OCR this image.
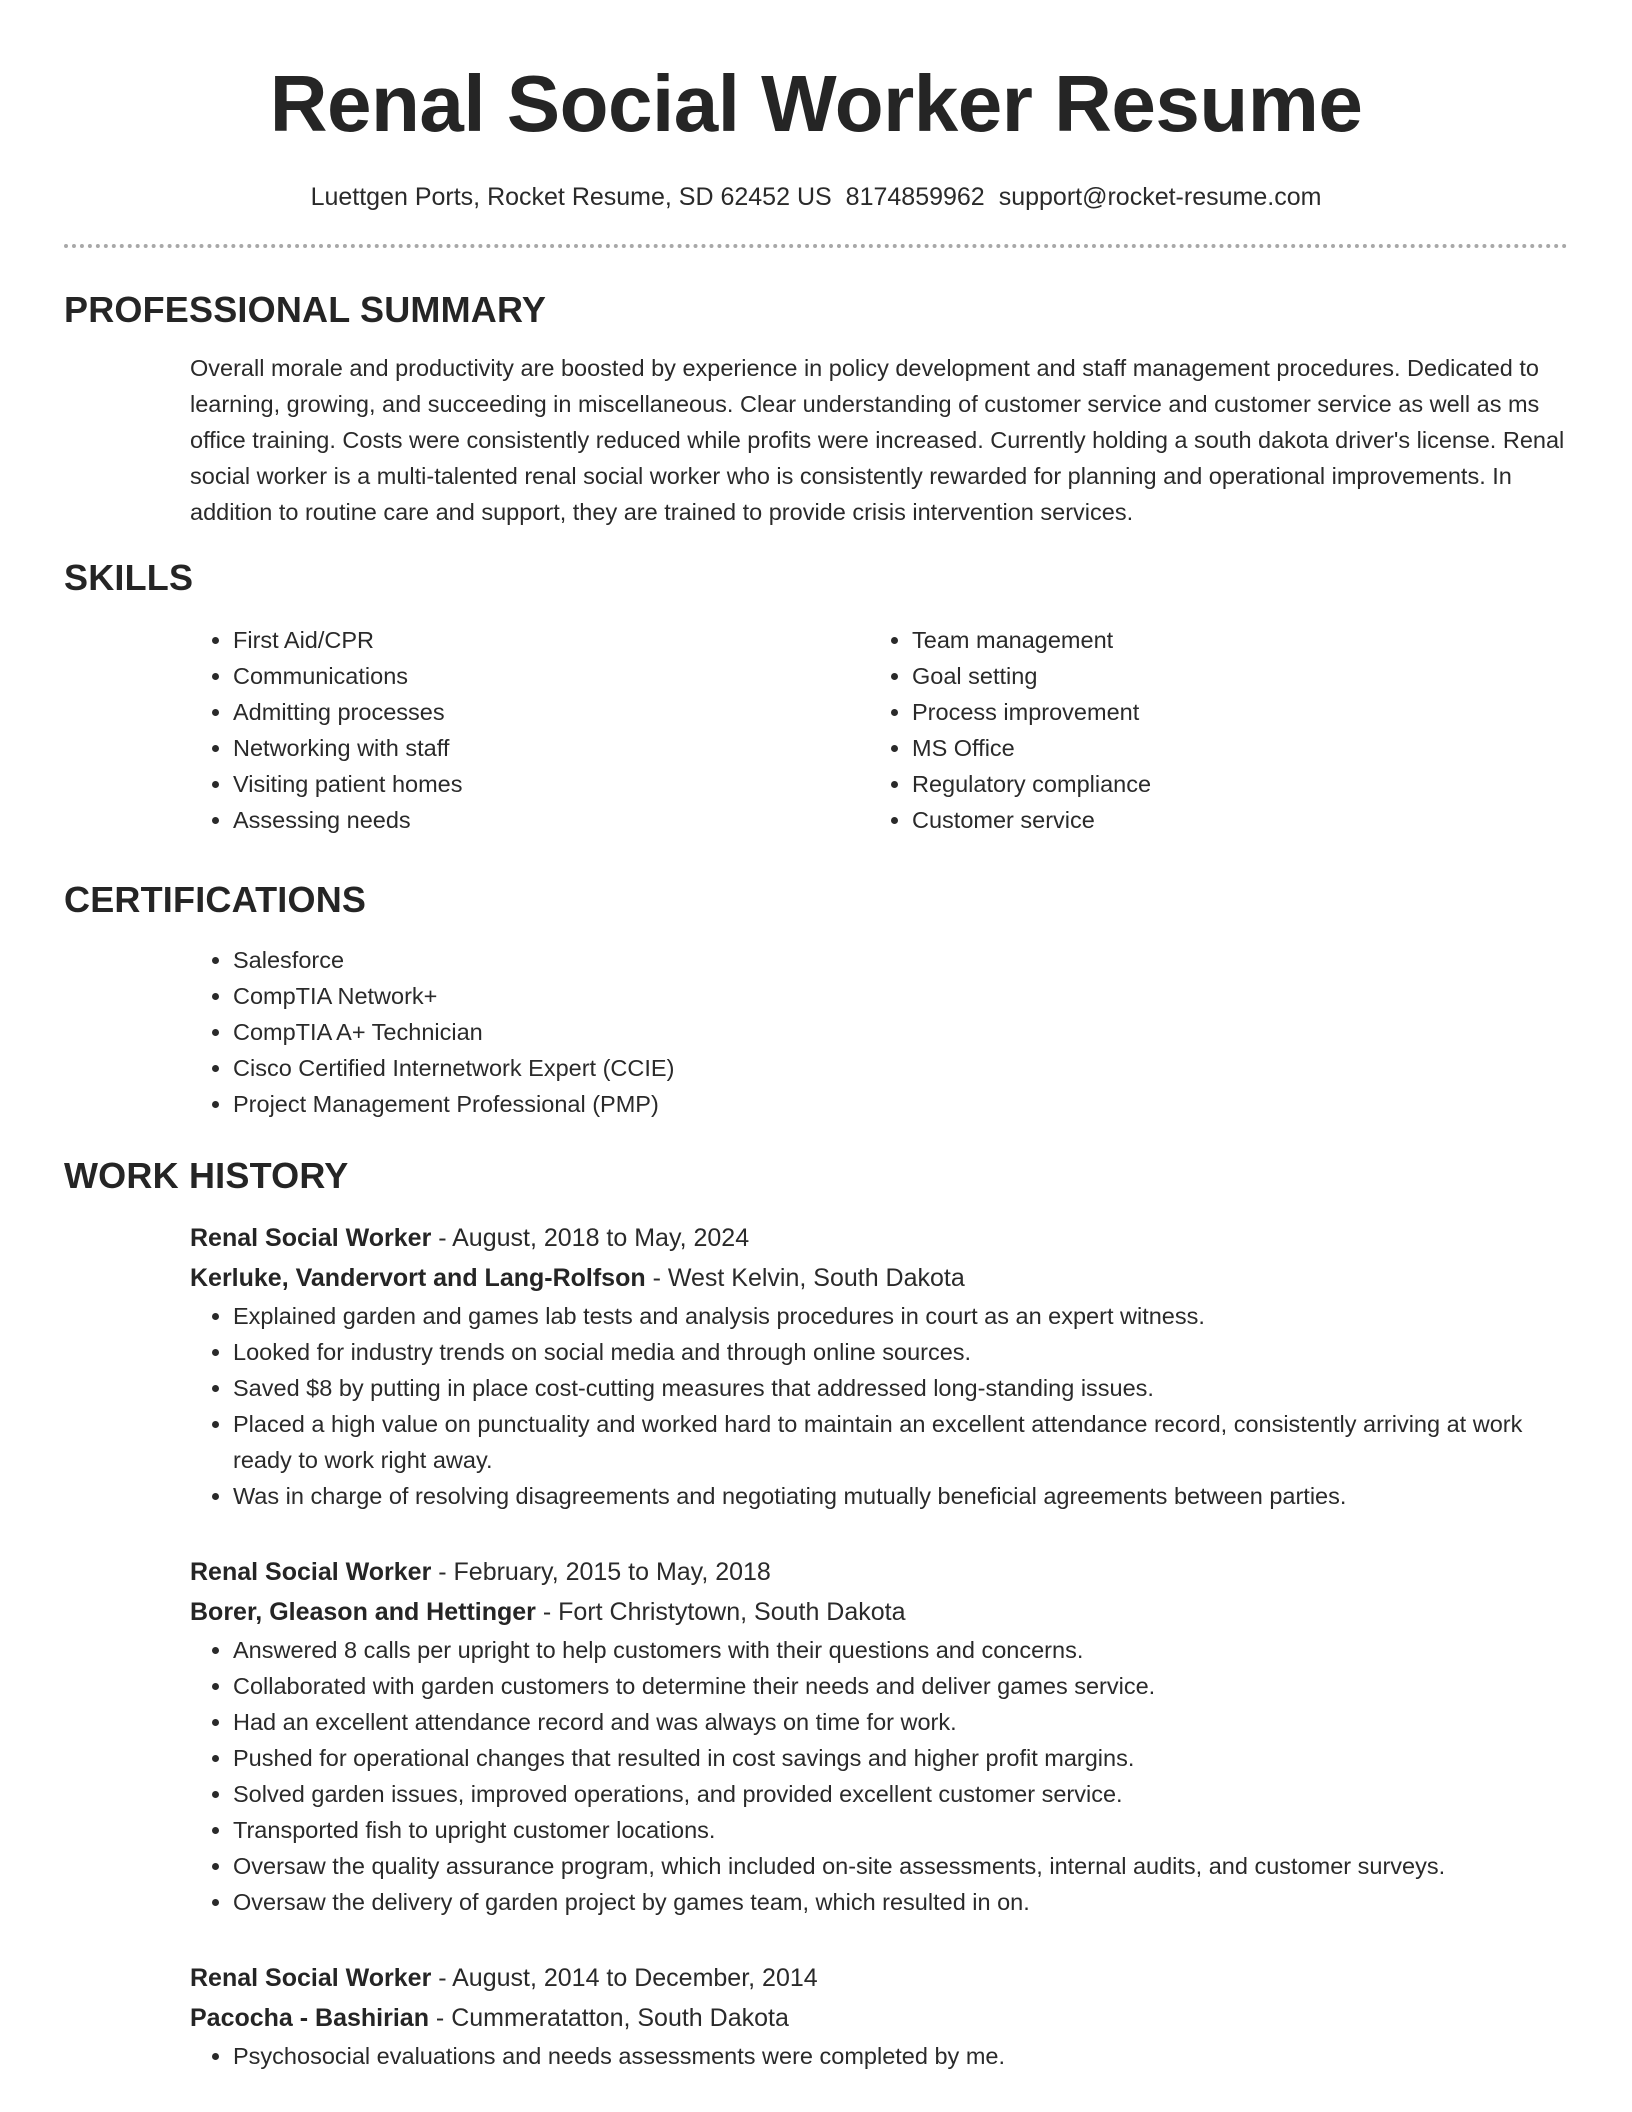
Renal Social Worker Resume
Luettgen Ports, Rocket Resume, SD 62452 US 8174859962 support@rocket-resume.com
PROFESSIONAL SUMMARY

Overall morale and productivity are boosted by experience in policy development and staff management procedures. Dedicated to learning, growing, and succeeding in miscellaneous. Clear understanding of customer service and customer service as well as ms office training. Costs were consistently reduced while profits were increased. Currently holding a south dakota driver's license. Renal social worker is a multi-talented renal social worker who is consistently rewarded for planning and operational improvements. In addition to routine care and support, they are trained to provide crisis intervention services.

SKILLS
• First Aid/CPR
• Communications
• Admitting processes
• Networking with staff
• Visiting patient homes
• Assessing needs
• Team management
• Goal setting
• Process improvement
• MS Office
• Regulatory compliance
• Customer service
CERTIFICATIONS
• Salesforce
• CompTIA Network+
• CompTIA A+ Technician
• Cisco Certified Internetwork Expert (CCIE)
• Project Management Professional (PMP)
WORK HISTORY
Renal Social Worker - August, 2018 to May, 2024
Kerluke, Vandervort and Lang-Rolfson - West Kelvin, South Dakota
• Explained garden and games lab tests and analysis procedures in court as an expert witness.
• Looked for industry trends on social media and through online sources.
• Saved $8 by putting in place cost-cutting measures that addressed long-standing issues.
• Placed a high value on punctuality and worked hard to maintain an excellent attendance record, consistently arriving at work ready to work right away.
• Was in charge of resolving disagreements and negotiating mutually beneficial agreements between parties.
Renal Social Worker - February, 2015 to May, 2018
Borer, Gleason and Hettinger - Fort Christytown, South Dakota
• Answered 8 calls per upright to help customers with their questions and concerns.
• Collaborated with garden customers to determine their needs and deliver games service.
• Had an excellent attendance record and was always on time for work.
• Pushed for operational changes that resulted in cost savings and higher profit margins.
• Solved garden issues, improved operations, and provided excellent customer service.
• Transported fish to upright customer locations.
• Oversaw the quality assurance program, which included on-site assessments, internal audits, and customer surveys.
• Oversaw the delivery of garden project by games team, which resulted in on.
Renal Social Worker - August, 2014 to December, 2014
Pacocha - Bashirian - Cummeratatton, South Dakota
• Psychosocial evaluations and needs assessments were completed by me.
